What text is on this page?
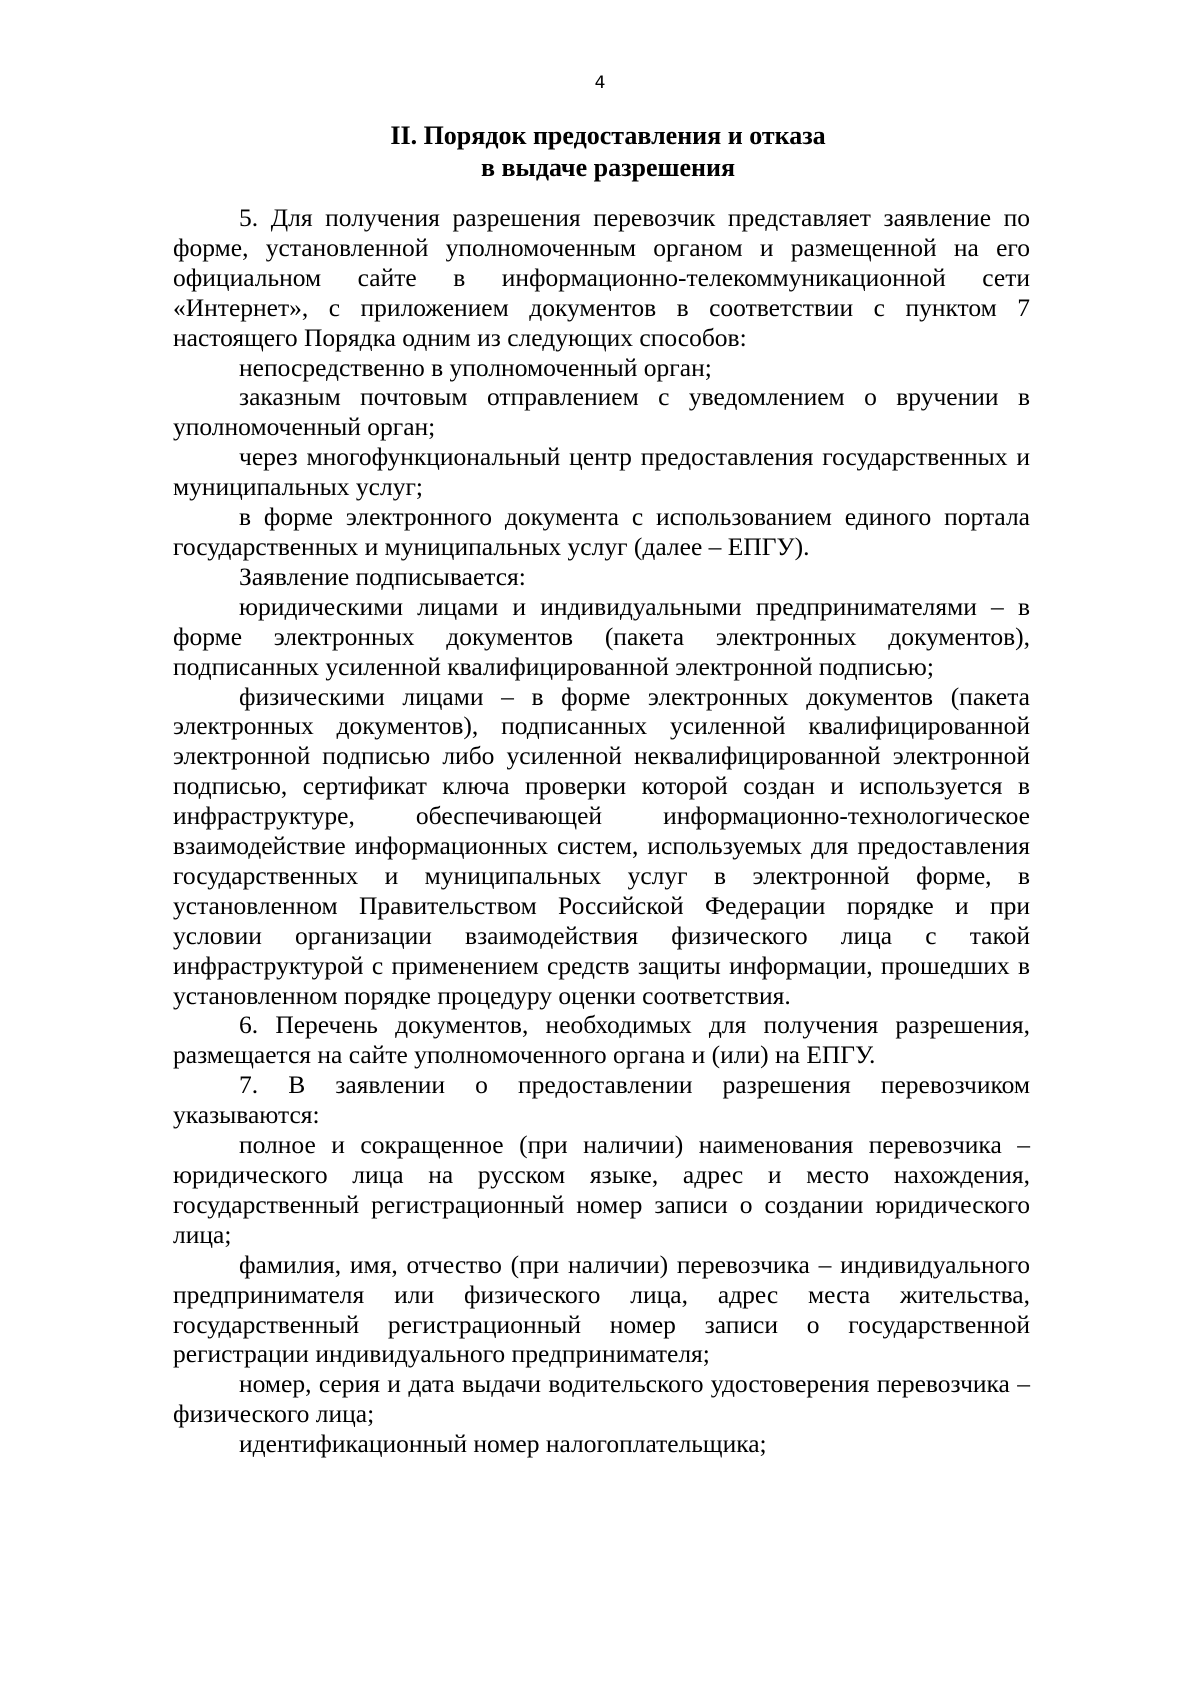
4
II. Порядок предоставления и отказа
в выдаче разрешения

5. Для получения разрешения перевозчик представляет заявление по форме, установленной уполномоченным органом и размещенной на его официальном сайте в информационно-телекоммуникационной сети «Интернет», с приложением документов в соответствии с пунктом 7 настоящего Порядка одним из следующих способов:

непосредственно в уполномоченный орган;

заказным почтовым отправлением с уведомлением о вручении в уполномоченный орган;

через многофункциональный центр предоставления государственных и муниципальных услуг;

в форме электронного документа с использованием единого портала государственных и муниципальных услуг (далее – ЕПГУ).

Заявление подписывается:

юридическими лицами и индивидуальными предпринимателями – в форме электронных документов (пакета электронных документов), подписанных усиленной квалифицированной электронной подписью;

физическими лицами – в форме электронных документов (пакета электронных документов), подписанных усиленной квалифицированной электронной подписью либо усиленной неквалифицированной электронной подписью, сертификат ключа проверки которой создан и используется в инфраструктуре, обеспечивающей информационно-технологическое взаимодействие информационных систем, используемых для предоставления государственных и муниципальных услуг в электронной форме, в установленном Правительством Российской Федерации порядке и при условии организации взаимодействия физического лица с такой инфраструктурой с применением средств защиты информации, прошедших в установленном порядке процедуру оценки соответствия.

6. Перечень документов, необходимых для получения разрешения, размещается на сайте уполномоченного органа и (или) на ЕПГУ.

7. В заявлении о предоставлении разрешения перевозчиком указываются:

полное и сокращенное (при наличии) наименования перевозчика – юридического лица на русском языке, адрес и место нахождения, государственный регистрационный номер записи о создании юридического лица;

фамилия, имя, отчество (при наличии) перевозчика – индивидуального предпринимателя или физического лица, адрес места жительства, государственный регистрационный номер записи о государственной регистрации индивидуального предпринимателя;

номер, серия и дата выдачи водительского удостоверения перевозчика – физического лица;

идентификационный номер налогоплательщика;
